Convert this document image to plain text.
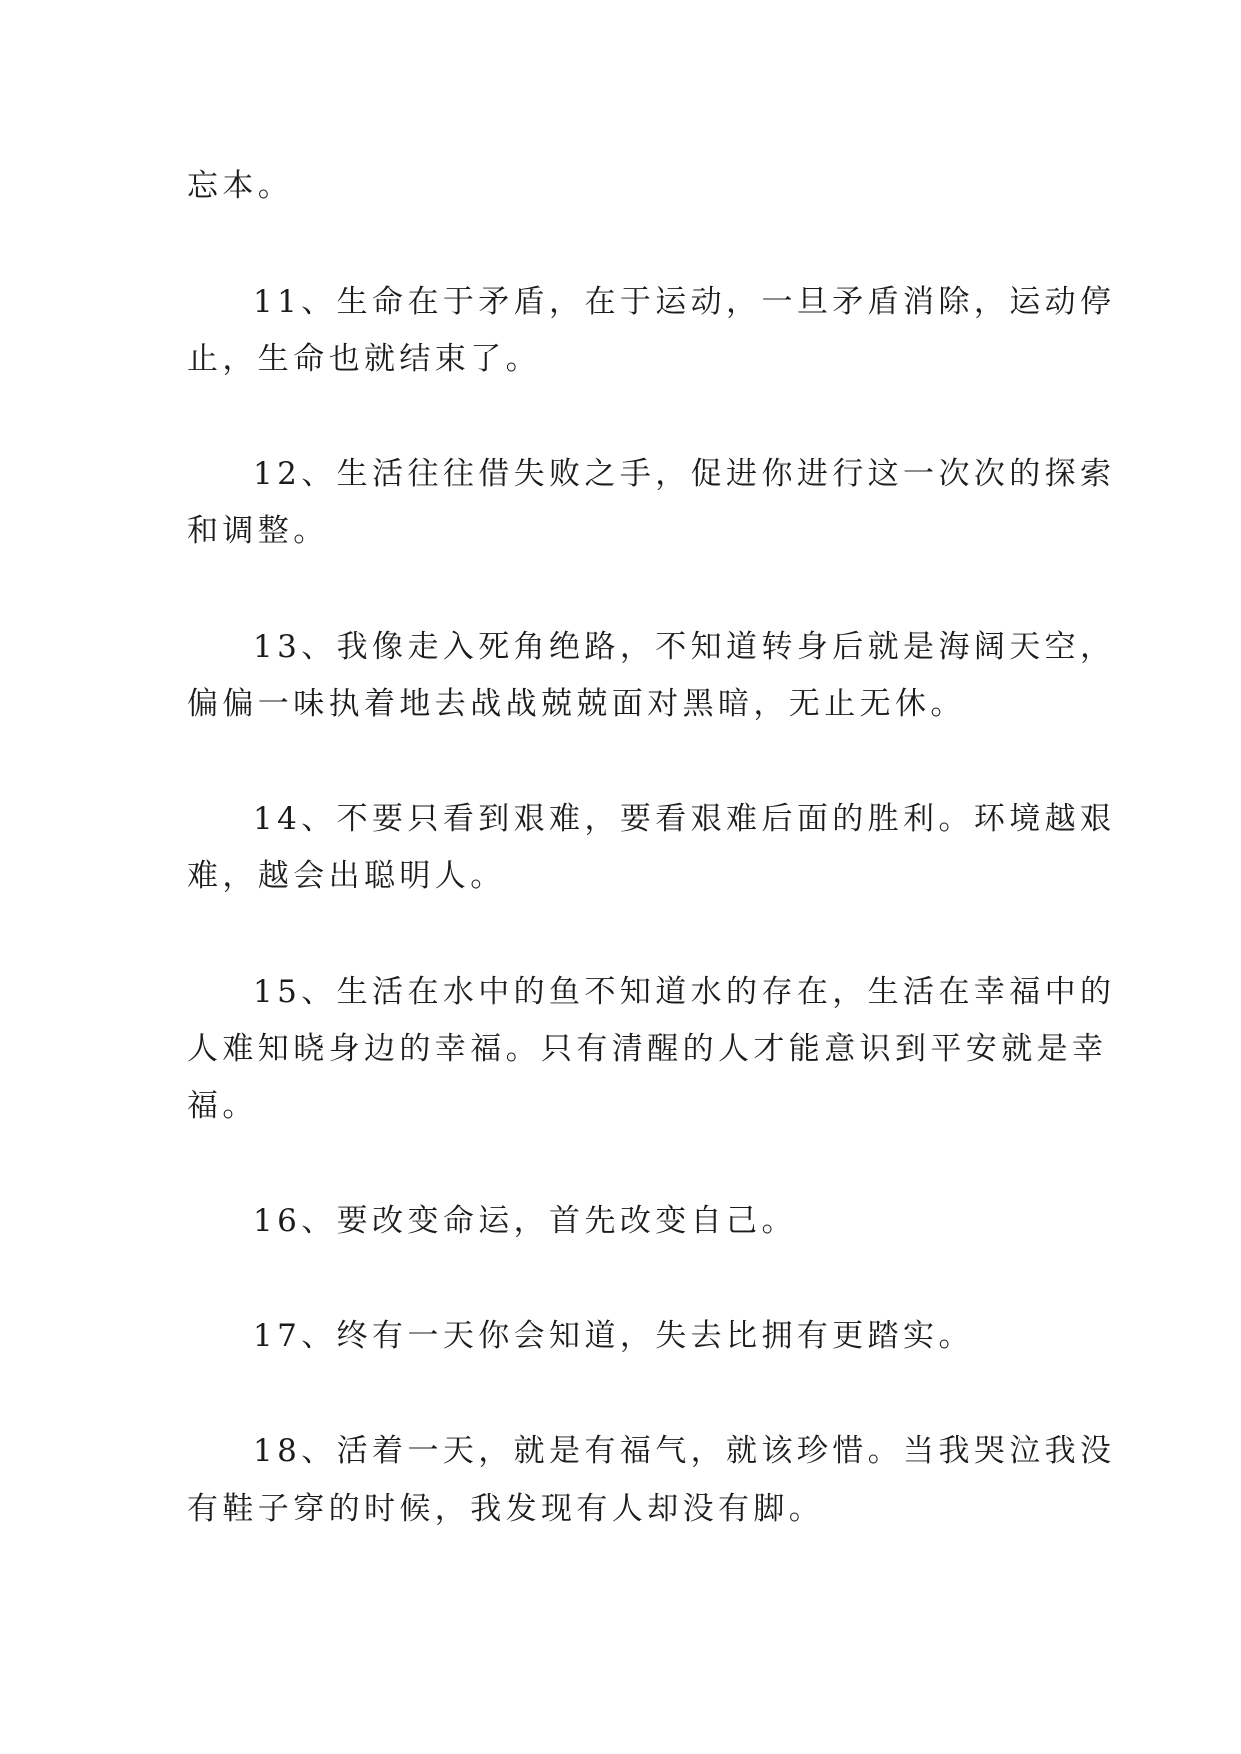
忘本。
11、生命在于矛盾，在于运动，一旦矛盾消除，运动停
止，生命也就结束了。
12、生活往往借失败之手，促进你进行这一次次的探索
和调整。
13、我像走入死角绝路，不知道转身后就是海阔天空，
偏偏一味执着地去战战兢兢面对黑暗，无止无休。
14、不要只看到艰难，要看艰难后面的胜利。环境越艰
难，越会出聪明人。
15、生活在水中的鱼不知道水的存在，生活在幸福中的
人难知晓身边的幸福。只有清醒的人才能意识到平安就是幸
福。
16、要改变命运，首先改变自己。
17、终有一天你会知道，失去比拥有更踏实。
18、活着一天，就是有福气，就该珍惜。当我哭泣我没
有鞋子穿的时候，我发现有人却没有脚。
